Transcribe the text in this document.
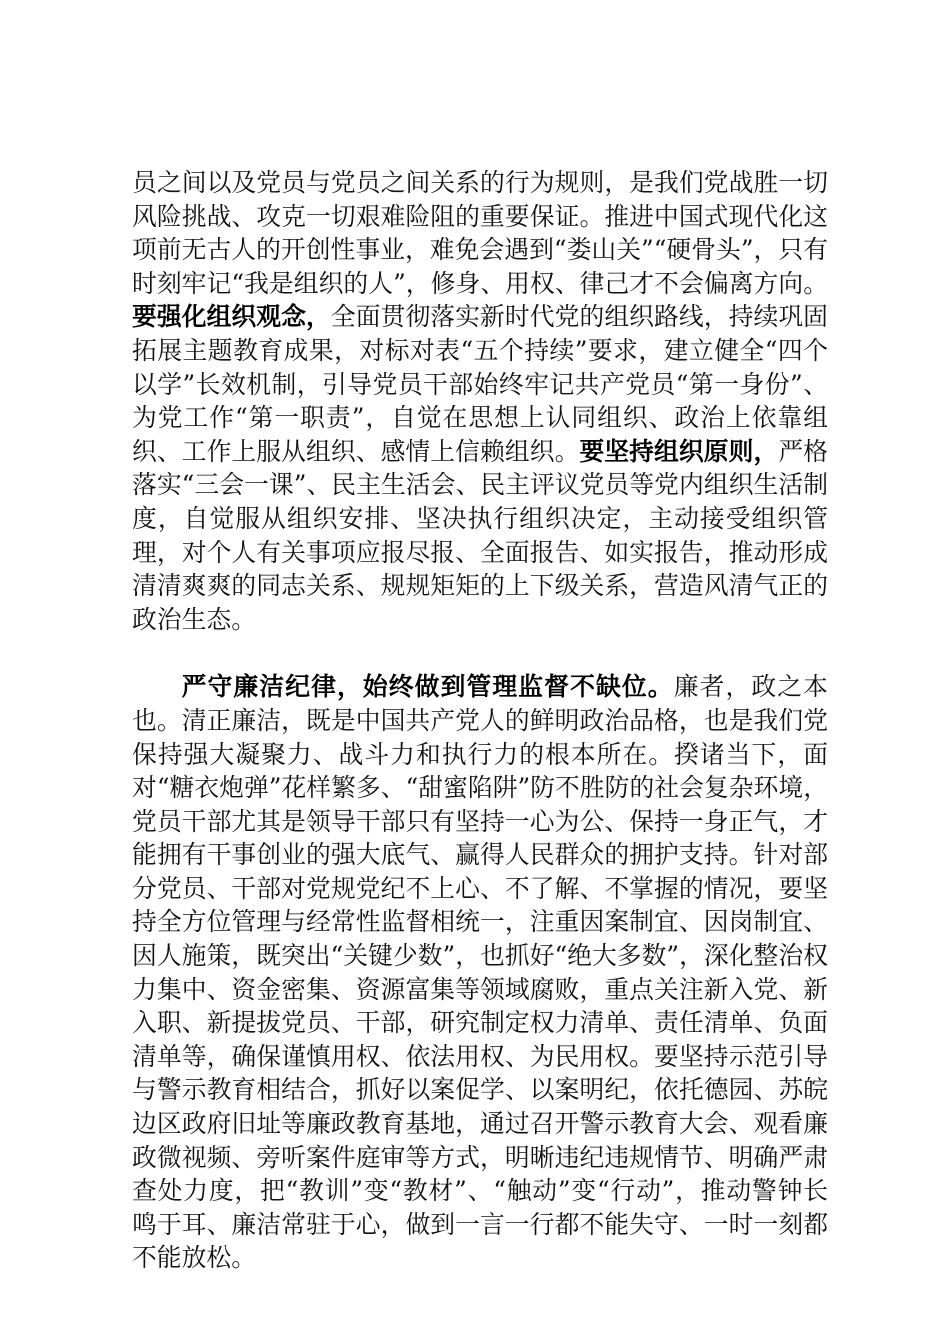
员之间以及党员与党员之间关系的行为规则，是我们党战胜一切风险挑战、攻克一切艰难险阻的重要保证。推进中国式现代化这项前无古人的开创性事业，难免会遇到“娄山关”“硬骨头”，只有时刻牢记“我是组织的人”，修身、用权、律己才不会偏离方向。要强化组织观念，全面贯彻落实新时代党的组织路线，持续巩固拓展主题教育成果，对标对表“五个持续”要求，建立健全“四个以学”长效机制，引导党员干部始终牢记共产党员“第一身份”、为党工作“第一职责”，自觉在思想上认同组织、政治上依靠组织、工作上服从组织、感情上信赖组织。要坚持组织原则，严格落实“三会一课”、民主生活会、民主评议党员等党内组织生活制度，自觉服从组织安排、坚决执行组织决定，主动接受组织管理，对个人有关事项应报尽报、全面报告、如实报告，推动形成清清爽爽的同志关系、规规矩矩的上下级关系，营造风清气正的政治生态。

严守廉洁纪律，始终做到管理监督不缺位。廉者，政之本也。清正廉洁，既是中国共产党人的鲜明政治品格，也是我们党保持强大凝聚力、战斗力和执行力的根本所在。揆诸当下，面对“糖衣炮弹”花样繁多、“甜蜜陷阱”防不胜防的社会复杂环境，党员干部尤其是领导干部只有坚持一心为公、保持一身正气，才能拥有干事创业的强大底气、赢得人民群众的拥护支持。针对部分党员、干部对党规党纪不上心、不了解、不掌握的情况，要坚持全方位管理与经常性监督相统一，注重因案制宜、因岗制宜、因人施策，既突出“关键少数”，也抓好“绝大多数”，深化整治权力集中、资金密集、资源富集等领域腐败，重点关注新入党、新入职、新提拔党员、干部，研究制定权力清单、责任清单、负面清单等，确保谨慎用权、依法用权、为民用权。要坚持示范引导与警示教育相结合，抓好以案促学、以案明纪，依托德园、苏皖边区政府旧址等廉政教育基地，通过召开警示教育大会、观看廉政微视频、旁听案件庭审等方式，明晰违纪违规情节、明确严肃查处力度，把“教训”变“教材”、“触动”变“行动”，推动警钟长鸣于耳、廉洁常驻于心，做到一言一行都不能失守、一时一刻都不能放松。
